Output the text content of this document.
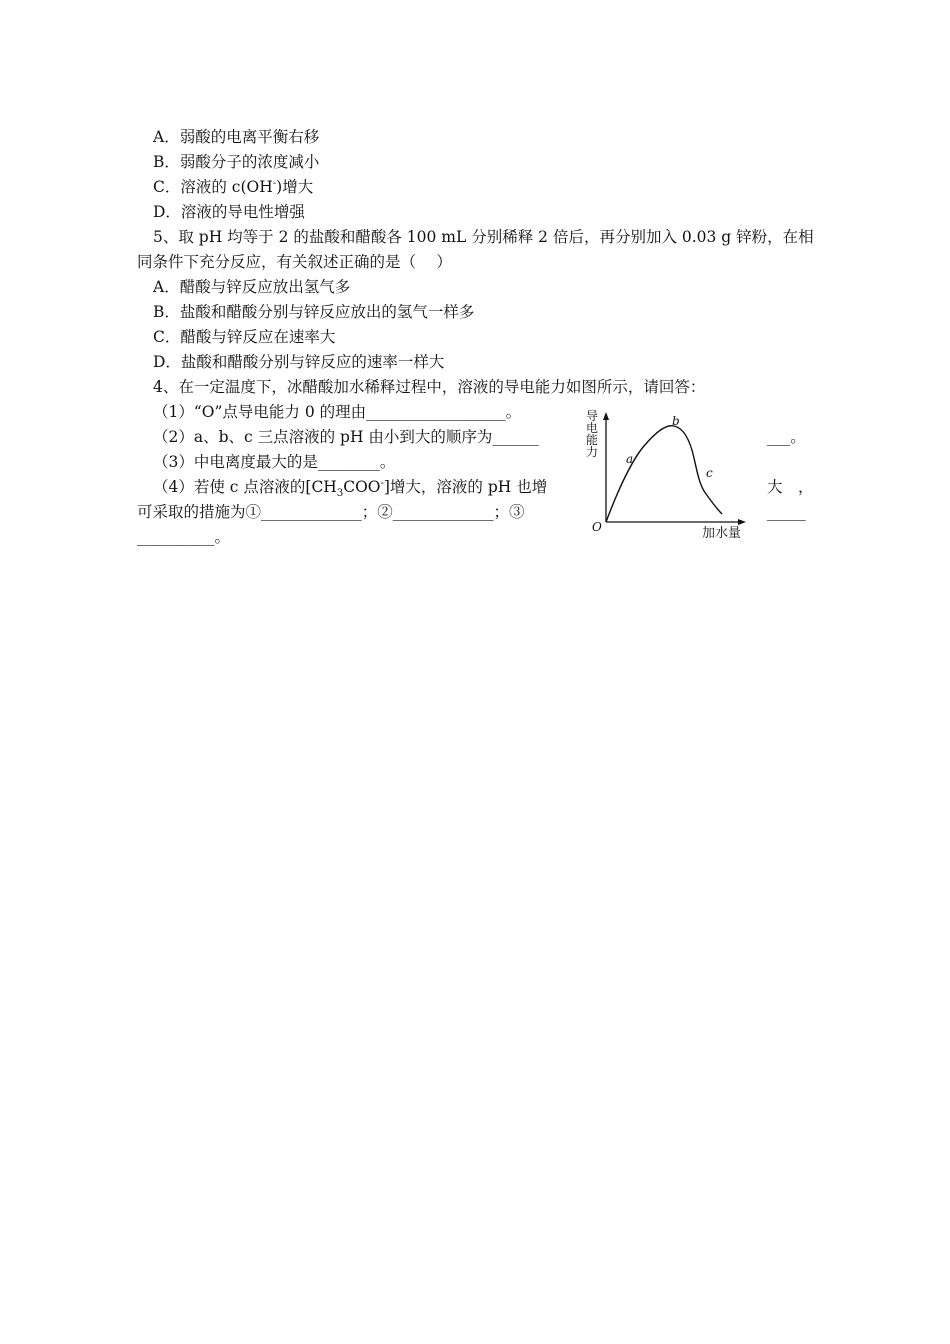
A．弱酸的电离平衡右移
B．弱酸分子的浓度减小
C．溶液的 c(OH-)增大
D．溶液的导电性增强
5、取 pH 均等于 2 的盐酸和醋酸各 100 mL 分别稀释 2 倍后，再分别加入 0.03 g 锌粉，在相
同条件下充分反应，有关叙述正确的是（　 ）
A．醋酸与锌反应放出氢气多
B．盐酸和醋酸分别与锌反应放出的氢气一样多
C．醋酸与锌反应在速率大
D．盐酸和醋酸分别与锌反应的速率一样大
4、在一定温度下，冰醋酸加水稀释过程中，溶液的导电能力如图所示，请回答：
（1）“O”点导电能力 0 的理由__________________。
（2）a、b、c 三点溶液的 pH 由小到大的顺序为______	___。
（3）中电离度最大的是________。
（4）若使 c 点溶液的$[CH_3COO^-]$增大，溶液的 pH 也增	大　，
可采取的措施为①_____________；②_____________；③	_____
__________。
导电能力
加水量
O
a
b
c
